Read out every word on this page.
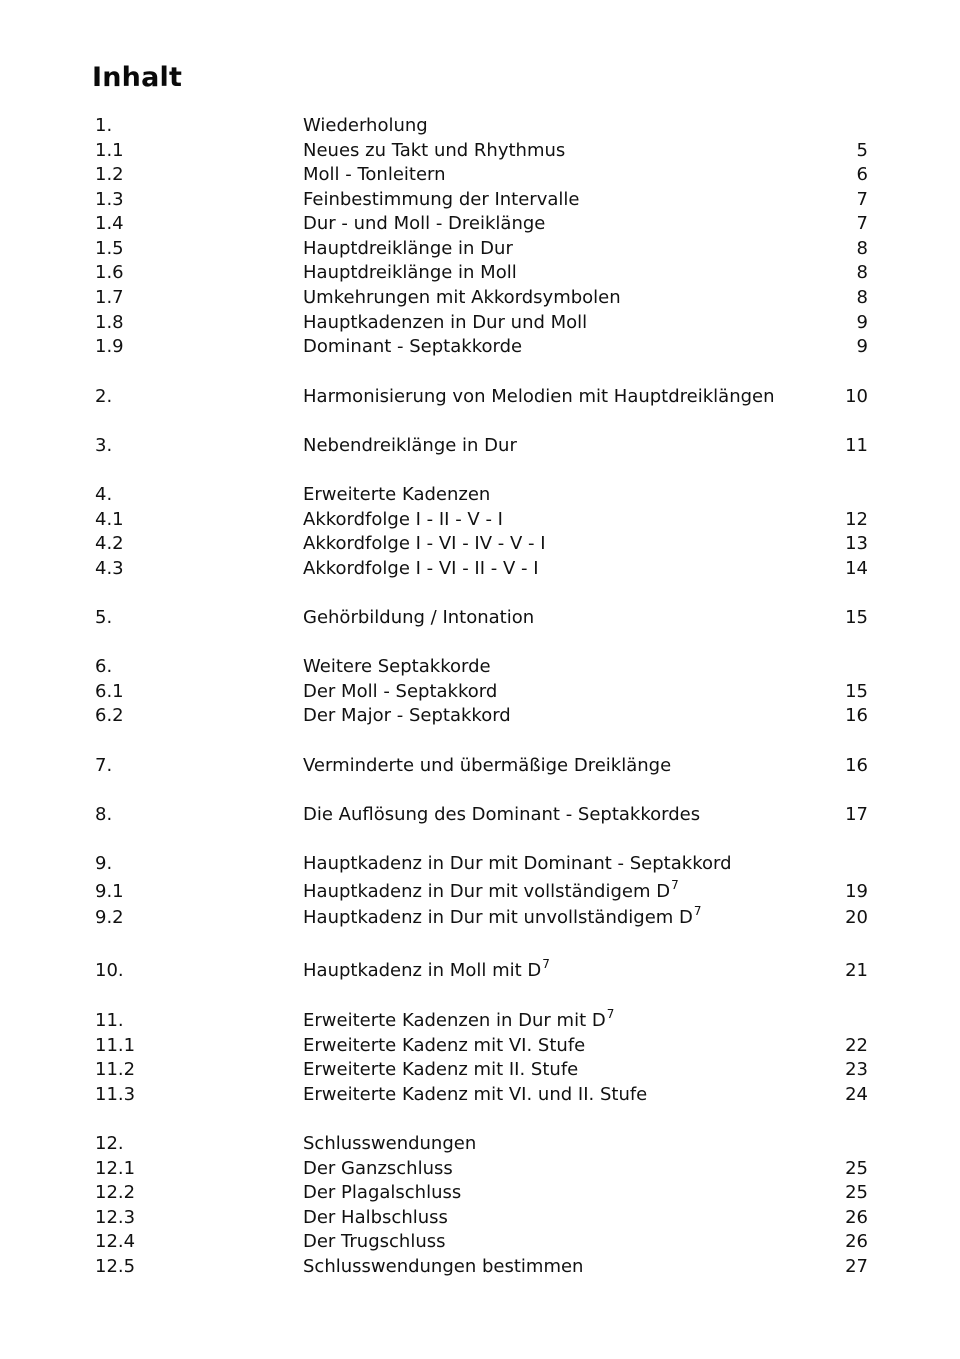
Inhalt
1.	Wiederholung
1.1	Neues zu Takt und Rhythmus	5
1.2	Moll - Tonleitern	6
1.3	Feinbestimmung der Intervalle	7
1.4	Dur - und Moll - Dreiklänge	7
1.5	Hauptdreiklänge in Dur	8
1.6	Hauptdreiklänge in Moll	8
1.7	Umkehrungen mit Akkordsymbolen	8
1.8	Hauptkadenzen in Dur und Moll	9
1.9	Dominant - Septakkorde	9
2.	Harmonisierung von Melodien mit Hauptdreiklängen	10
3.	Nebendreiklänge in Dur	11
4.	Erweiterte Kadenzen
4.1	Akkordfolge I - II - V - I	12
4.2	Akkordfolge I - VI - IV - V - I	13
4.3	Akkordfolge I - VI - II - V - I	14
5.	Gehörbildung / Intonation	15
6.	Weitere Septakkorde
6.1	Der Moll - Septakkord	15
6.2	Der Major - Septakkord	16
7.	Verminderte und übermäßige Dreiklänge	16
8.	Die Auflösung des Dominant - Septakkordes	17
9.	Hauptkadenz in Dur mit Dominant - Septakkord
9.1	Hauptkadenz in Dur mit vollständigem $D^7$	19
9.2	Hauptkadenz in Dur mit unvollständigem $D^7$	20
10.	Hauptkadenz in Moll mit $D^7$	21
11.	Erweiterte Kadenzen in Dur mit $D^7$
11.1	Erweiterte Kadenz mit VI. Stufe	22
11.2	Erweiterte Kadenz mit II. Stufe	23
11.3	Erweiterte Kadenz mit VI. und II. Stufe	24
12.	Schlusswendungen
12.1	Der Ganzschluss	25
12.2	Der Plagalschluss	25
12.3	Der Halbschluss	26
12.4	Der Trugschluss	26
12.5	Schlusswendungen bestimmen	27
